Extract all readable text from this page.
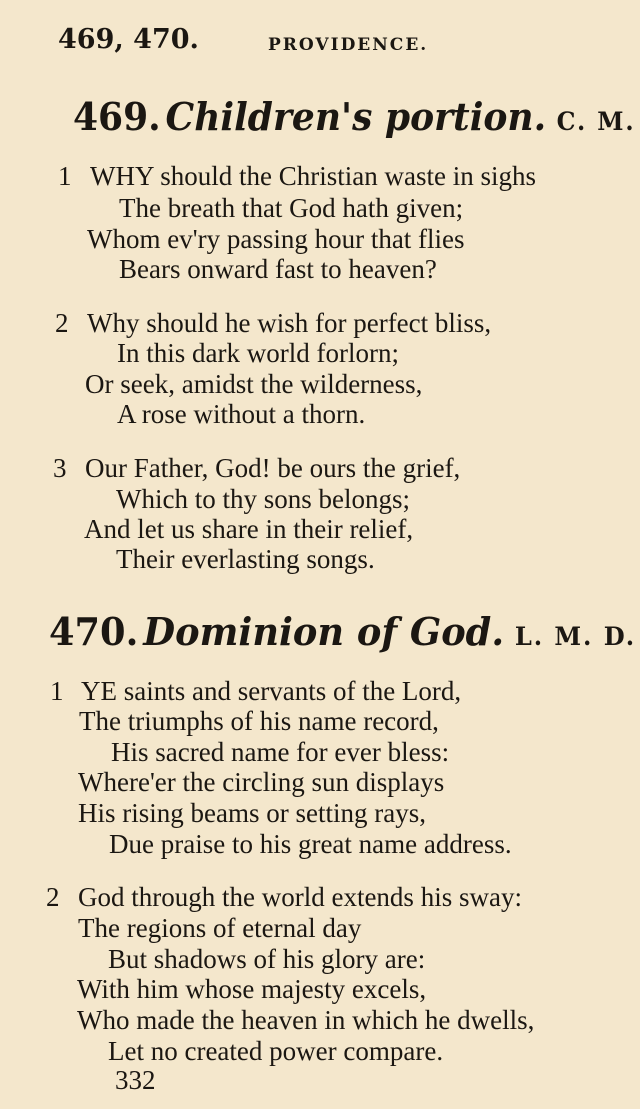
469, 470.	PROVIDENCE.
469. Children's portion. C. M.
1 WHY should the Christian waste in sighs
The breath that God hath given;
Whom ev'ry passing hour that flies
Bears onward fast to heaven?
2 Why should he wish for perfect bliss,
In this dark world forlorn;
Or seek, amidst the wilderness,
A rose without a thorn.
3 Our Father, God! be ours the grief,
Which to thy sons belongs;
And let us share in their relief,
Their everlasting songs.
470. Dominion of God. L. M. D.
1 YE saints and servants of the Lord,
The triumphs of his name record,
His sacred name for ever bless:
Where'er the circling sun displays
His rising beams or setting rays,
Due praise to his great name address.
2 God through the world extends his sway:
The regions of eternal day
But shadows of his glory are:
With him whose majesty excels,
Who made the heaven in which he dwells,
Let no created power compare.
332
